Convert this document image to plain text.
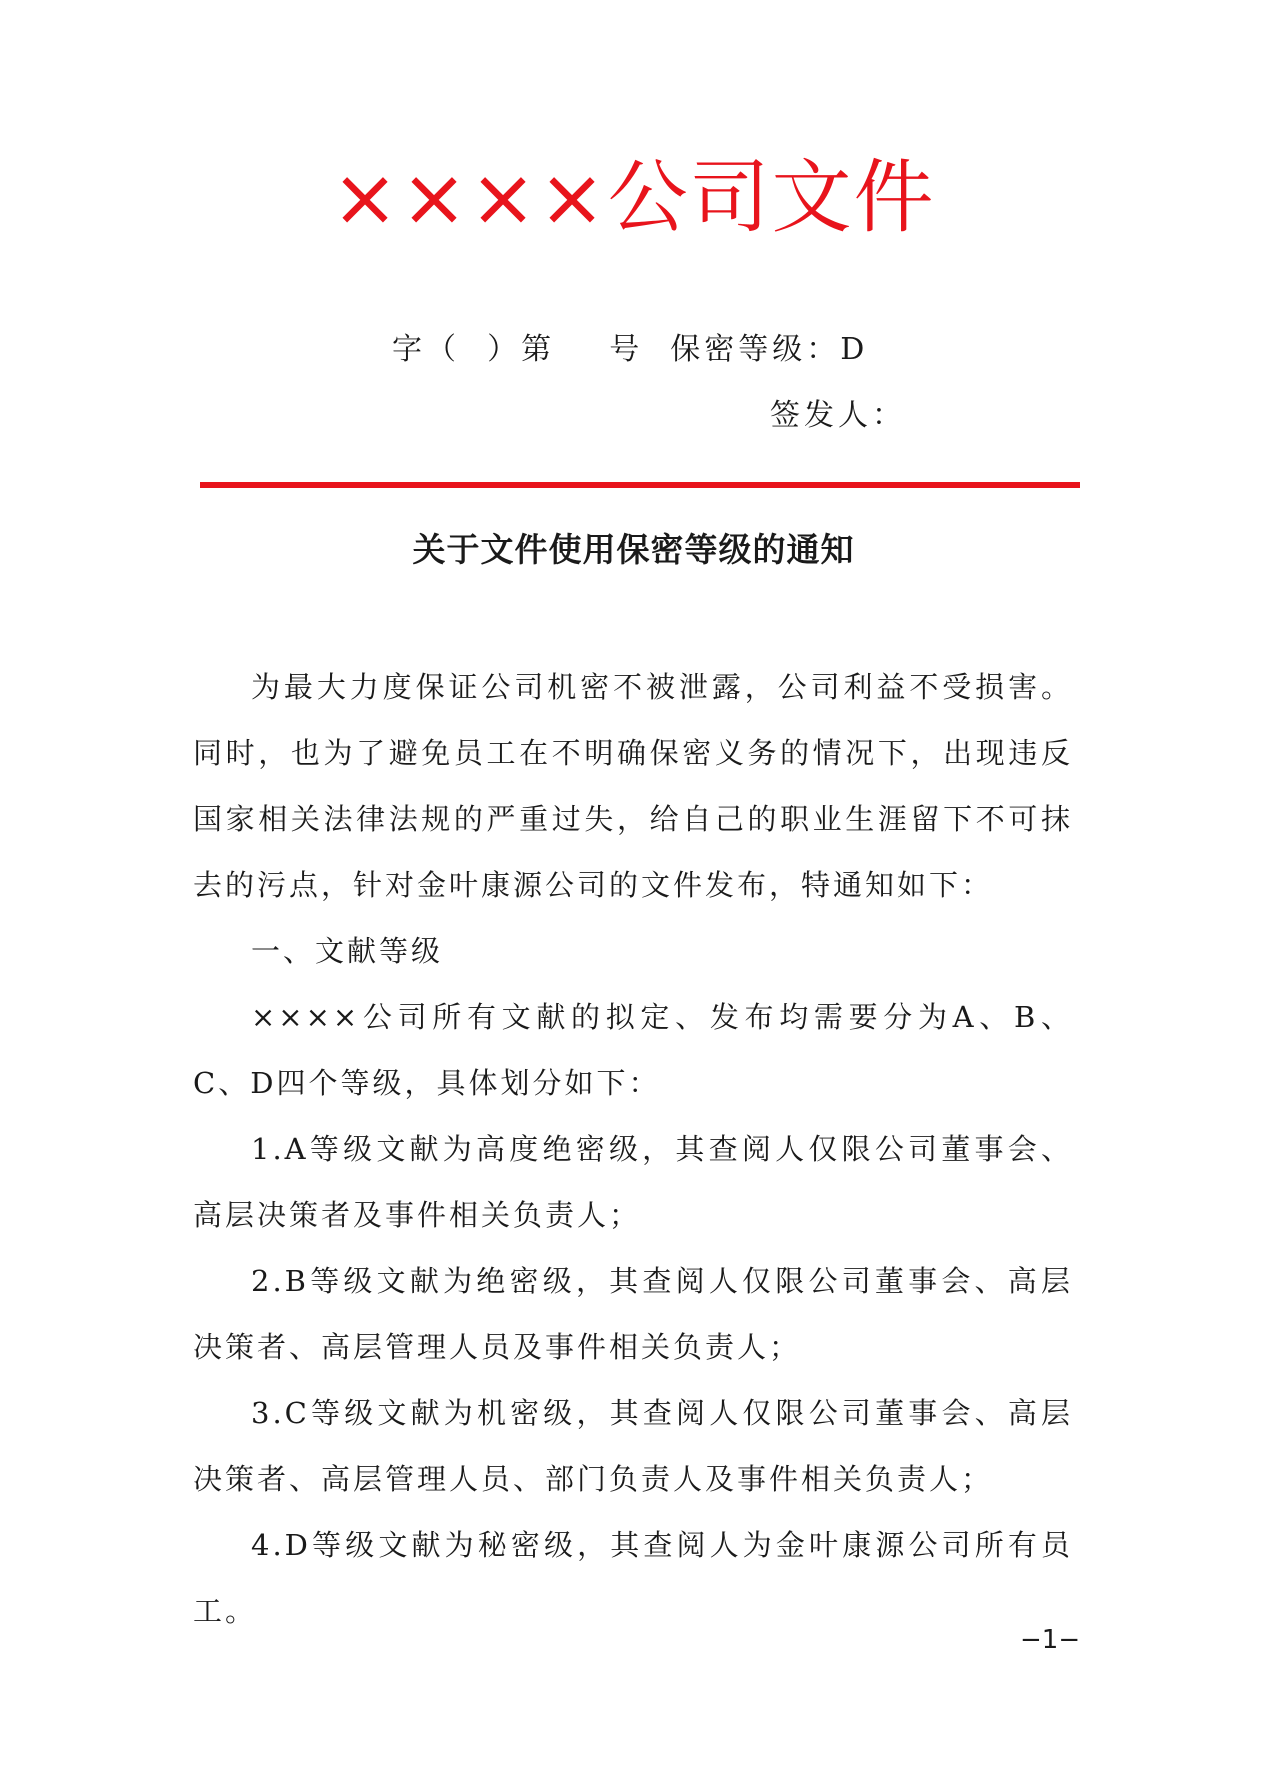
××××公司文件
字（  ）第    号  保密等级：D
签发人：
关于文件使用保密等级的通知

为最大力度保证公司机密不被泄露，公司利益不受损害。同时，也为了避免员工在不明确保密义务的情况下，出现违反国家相关法律法规的严重过失，给自己的职业生涯留下不可抹去的污点，针对金叶康源公司的文件发布，特通知如下：

一、文献等级

××××公司所有文献的拟定、发布均需要分为A、B、C、D四个等级，具体划分如下：

1.A等级文献为高度绝密级，其查阅人仅限公司董事会、高层决策者及事件相关负责人；

2.B等级文献为绝密级，其查阅人仅限公司董事会、高层决策者、高层管理人员及事件相关负责人；

3.C等级文献为机密级，其查阅人仅限公司董事会、高层决策者、高层管理人员、部门负责人及事件相关负责人；

4.D等级文献为秘密级，其查阅人为金叶康源公司所有员工。

−1−
